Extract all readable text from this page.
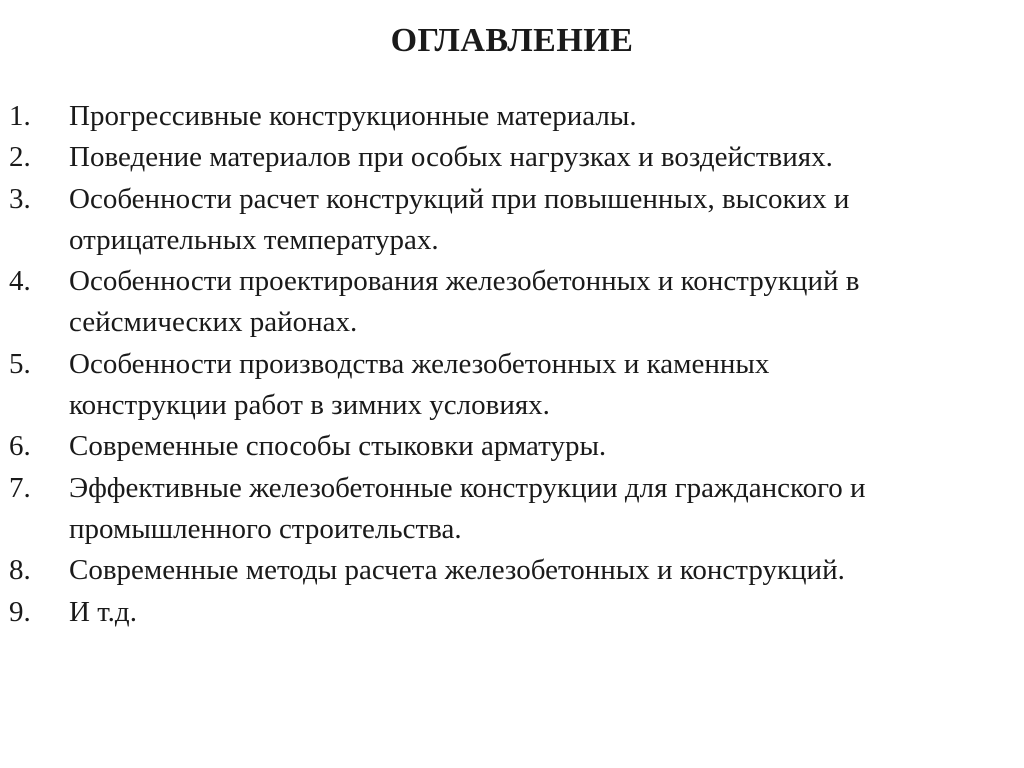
ОГЛАВЛЕНИЕ
1.	Прогрессивные конструкционные материалы.
2.	Поведение материалов при особых нагрузках и воздействиях.
3.	Особенности расчет конструкций при повышенных, высоких и
отрицательных температурах.
4.	Особенности проектирования железобетонных и конструкций в
сейсмических районах.
5.	Особенности производства железобетонных и каменных
конструкции работ в зимних условиях.
6.	Современные способы стыковки арматуры.
7.	Эффективные железобетонные конструкции для гражданского и
промышленного строительства.
8.	Современные методы расчета железобетонных и конструкций.
9.	И т.д.
